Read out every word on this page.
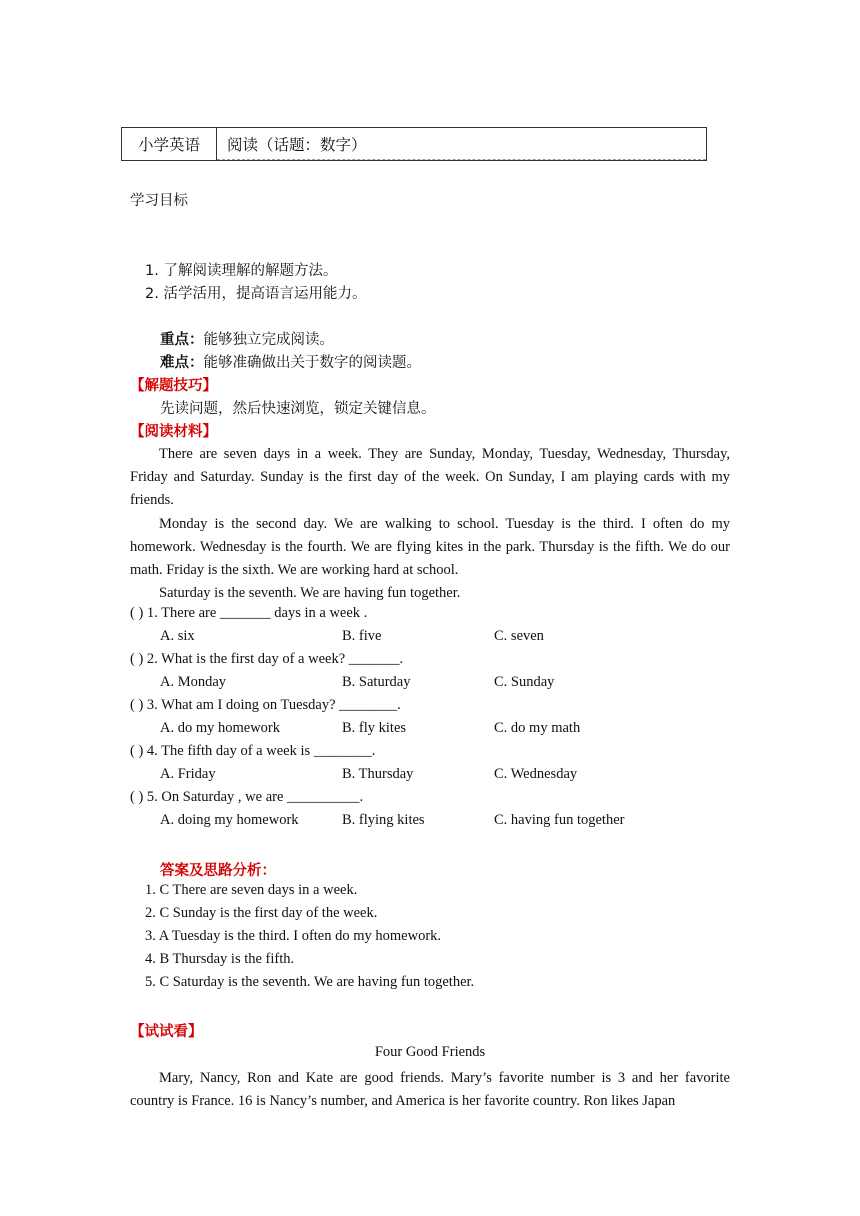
小学英语	阅读（话题：数字）
学习目标
1. 了解阅读理解的解题方法。
2. 活学活用，提高语言运用能力。
重点：能够独立完成阅读。
难点：能够准确做出关于数字的阅读题。
【解题技巧】
先读问题，然后快速浏览，锁定关键信息。
【阅读材料】
There are seven days in a week. They are Sunday, Monday, Tuesday, Wednesday, Thursday, Friday and Saturday. Sunday is the first day of the week. On Sunday, I am playing cards with my friends.
Monday is the second day. We are walking to school. Tuesday is the third. I often do my homework. Wednesday is the fourth. We are flying kites in the park. Thursday is the fifth. We do our math. Friday is the sixth. We are working hard at school.
Saturday is the seventh. We are having fun together.
( ) 1. There are _______ days in a week .
A. six	B. five	C. seven
( ) 2. What is the first day of a week? _______.
A. Monday	B. Saturday	C. Sunday
( ) 3. What am I doing on Tuesday? ________.
A. do my homework	B. fly kites	C. do my math
( ) 4. The fifth day of a week is ________.
A. Friday	B. Thursday	C. Wednesday
( ) 5. On Saturday , we are __________.
A. doing my homework	B. flying kites	C. having fun together
答案及思路分析：
1. C There are seven days in a week.
2. C Sunday is the first day of the week.
3. A Tuesday is the third. I often do my homework.
4. B Thursday is the fifth.
5. C Saturday is the seventh. We are having fun together.
【试试看】
Four Good Friends
Mary, Nancy, Ron and Kate are good friends. Mary’s favorite number is 3 and her favorite country is France. 16 is Nancy’s number, and America is her favorite country. Ron likes Japan
